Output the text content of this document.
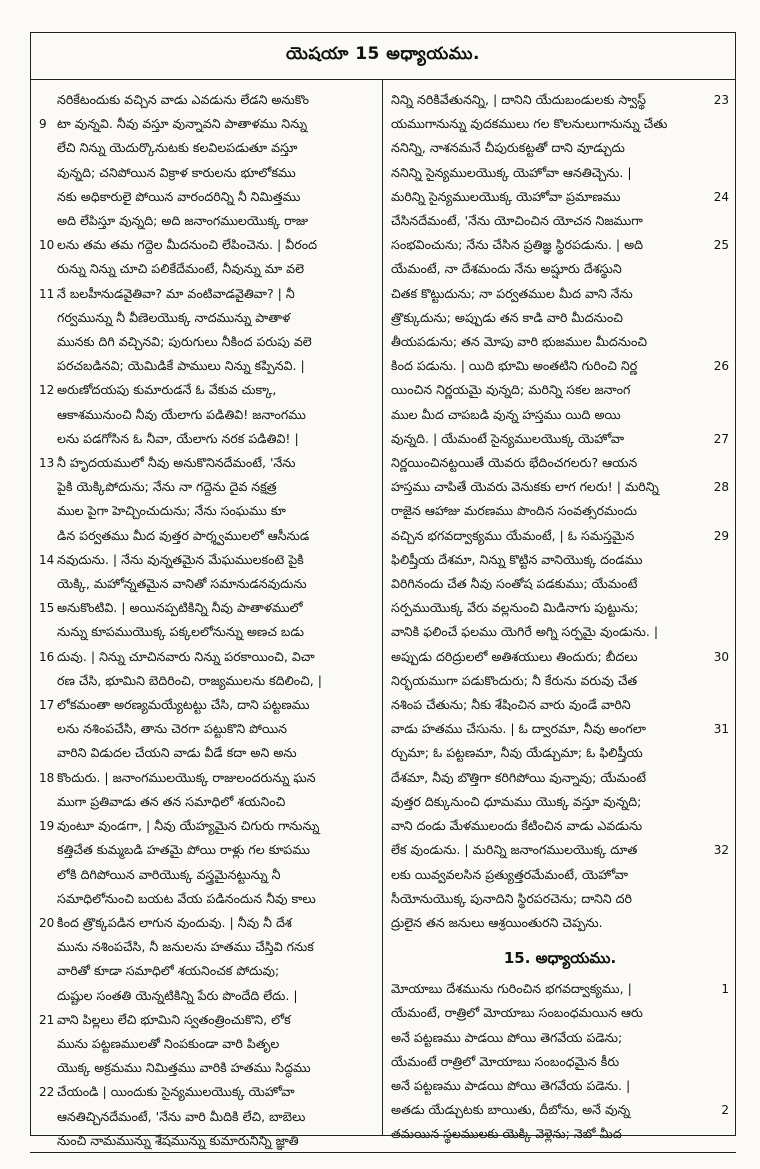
యెషయా 15 అధ్యాయము.
నరికేటందుకు వచ్చిన వాడు ఎవడును లేడని అనుకొం
9 టా వున్నవి. నీవు వస్తూ వున్నావని పాతాళము నిన్ను
లేచి నిన్ను యెదుర్కొనుటకు కలవిలపడుతూ వస్తూ
వున్నది; చనిపోయిన విక్రాళ కారులను భూలోకము
నకు అధికారులై పోయిన వారందరిన్ని నీ నిమిత్తము
అది లేపిస్తూ వున్నది; అది జనాంగములయొక్క రాజు
10 లను తమ తమ గద్దెల మీదనుంచి లేపించెను. | వీరంద
రున్ను నిన్ను చూచి పలికేదేమంటే, నీవున్ను మా వలె
11 నే బలహీనుడవైతివా? మా వంటివాడవైతివా? | నీ
గర్వమున్ను నీ వీణెలయొక్క నాదమున్ను పాతాళ
మునకు దిగి వచ్చినవి; పురుగులు నీకింద పరుపు వలె
పరచబడినవి; యెమిడికే పాములు నిన్ను కప్పినవి. |
12 అరుణోదయపు కుమారుడనే ఓ వేకువ చుక్కా,
ఆకాశమునుంచి నీవు యేలాగు పడితివి! జనాంగము
లను పడగోసిన ఓ నీవా, యేలాగు నరక పడితివి! |
13 నీ హృదయములో నీవు అనుకొనినదేమంటే, 'నేను
పైకి యెక్కిపోదును; నేను నా గద్దెను దైవ నక్షత్ర
ముల పైగా హెచ్చించుదును; నేను సంఘము కూ
డిన పర్వతము మీద వుత్తర పార్శ్వములలో ఆసీనుడ
14 నవుదును. | నేను వున్నతమైన మేఘములకంటె పైకి
యెక్కి, మహోన్నతమైన వానితో సమానుడనవుదును
15 అనుకొంటివి. | అయినప్పటికిన్ని నీవు పాతాళములో
నున్ను కూపముయొక్క పక్కలలోనున్ను అణచ బడు
16 దువు. | నిన్ను చూచినవారు నిన్ను పరకాయించి, విచా
రణ చేసి, భూమిని బెదిరించి, రాజ్యములను కదిలించి, |
17 లోకమంతా అరణ్యమయ్యేటట్టు చేసి, దాని పట్టణము
లను నశింపచేసి, తాను చెరగా పట్టుకొని పోయిన
వారిని విడుదల చేయని వాడు వీడే కదా అని అను
18 కొందురు. | జనాంగములయొక్క రాజులందరున్ను ఘన
ముగా ప్రతివాడు తన తన సమాధిలో శయనించి
19 వుంటూ వుండగా, | నీవు యేహ్యమైన చిగురు గానున్ను
కత్తిచేత కుమ్మబడి హతమై పోయి రాళ్లు గల కూపము
లోకి దిగిపోయిన వారియొక్క వస్త్రమైనట్టున్ను నీ
సమాధిలోనుంచి బయట వేయ పడినందున నీవు కాలు
20 కింద త్రొక్కపడిన లాగున వుందువు. | నీవు నీ దేశ
మును నశింపచేసి, నీ జనులను హతము చేస్తివి గనుక
వారితో కూడా సమాధిలో శయనించక పోదువు;
దుష్టుల సంతతి యెన్నటికిన్ని పేరు పొందేది లేదు. |
21 వాని పిల్లలు లేచి భూమిని స్వతంత్రించుకొని, లోక
మును పట్టణములతో నింపకుండా వారి పితృల
యొక్క అక్రమము నిమిత్తము వారికి హతము సిద్ధము
22 చేయండి | యిందుకు సైన్యములయొక్క యెహోవా
ఆనతిచ్చినదేమంటే, 'నేను వారి మీదికి లేచి, బాబెలు
నుంచి నామమున్ను శేషమున్ను కుమారునిన్ని జ్ఞాతి
నిన్ని నరికివేతునన్ని, | దానిని యేదుబండులకు స్వాస్థ్	23
యముగానున్ను వుదకములు గల కొలనులుగానున్ను చేతు
ననిన్ని, నాశనమనే చీపురుకట్టతో దాని వూడ్చుదు
ననిన్ని సైన్యములయొక్క యెహోవా ఆనతిచ్చెను. |
మరిన్ని సైన్యములయొక్క యెహోవా ప్రమాణము	24
చేసినదేమంటే, 'నేను యోచించిన యోచన నిజముగా
సంభవించును; నేను చేసిన ప్రతిజ్ఞ స్థిరపడును. | అది	25
యేమంటే, నా దేశమందు నేను అష్షూరు దేశస్థుని
చితక కొట్టుదును; నా పర్వతముల మీద వాని నేను
త్రొక్కుదును; అప్పుడు తన కాడి వారి మీదనుంచి
తీయపడును; తన మోపు వారి భుజముల మీదనుంచి
కింద పడును. | యిది భూమి అంతటిని గురించి నిర్ణ	26
యించిన నిర్ణయమై వున్నది; మరిన్ని సకల జనాంగ
ముల మీద చాపబడి వున్న హస్తము యిది అయి
వున్నది. | యేమంటే సైన్యములయొక్క యెహోవా	27
నిర్ణయించినట్టయితే యెవరు భేదించగలరు? ఆయన
హస్తము చాపితే యెవరు వెనుకకు లాగ గలరు! | మరిన్ని	28
రాజైన ఆహాజు మరణము పొందిన సంవత్సరమందు
వచ్చిన భగవద్వాక్యము యేమంటే, | ఓ సమస్తమైన	29
ఫిలిష్తీయ దేశమా, నిన్ను కొట్టిన వానియొక్క దండము
విరిగినందు చేత నీవు సంతోష పడకుము; యేమంటే
సర్పముయొక్క వేరు వల్లనుంచి మిడినాగు పుట్టును;
వానికి ఫలించే ఫలము యెగిరే అగ్ని సర్పమై వుండును. |
అప్పుడు దరిద్రులలో అతిశయులు తిందురు; బీదలు	30
నిర్భయముగా పడుకొందురు; నీ కేరును వరువు చేత
నశింప చేతును; నీకు శేషించిన వారు వుండే వారిని
వాడు హతము చేసును. | ఓ ద్వారమా, నీవు అంగలా	31
ర్చుమా; ఓ పట్టణమా, నీవు యేడ్చుమా; ఓ ఫిలిష్తీయ
దేశమా, నీవు బొత్తిగా కరిగిపోయి వున్నావు; యేమంటే
వుత్తర దిక్కునుంచి ధూమము యొక్క వస్తూ వున్నది;
వాని దండు మేళములందు కేటించిన వాడు ఎవడును
లేక వుండును. | మరిన్ని జనాంగములయొక్క దూత	32
లకు యివ్వవలసిన ప్రత్యుత్తరమేమంటే, యెహోవా
సీయోనుయొక్క పునాదిని స్థిరపరచెను; దానిని దరి
ద్రులైన తన జనులు ఆశ్రయింతురని చెప్పను.
15. అధ్యాయము.
మోయాబు దేశమును గురించిన భగవద్వాక్యము, |	1
యేమంటే, రాత్రిలో మోయాబు సంబంధమయిన ఆరు
అనే పట్టణము పాడయి పోయి తెగవేయ పడెను;
యేమంటే రాత్రిలో మోయాబు సంబంధమైన కీరు
అనే పట్టణము పాడయి పోయి తెగవేయ పడెను. |
అతడు యేడ్చుటకు బాయితు, దీబోను, అనే వున్న	2
తమయిన స్థలములకు యెక్కి వెళ్లెను; నెబో మీద
